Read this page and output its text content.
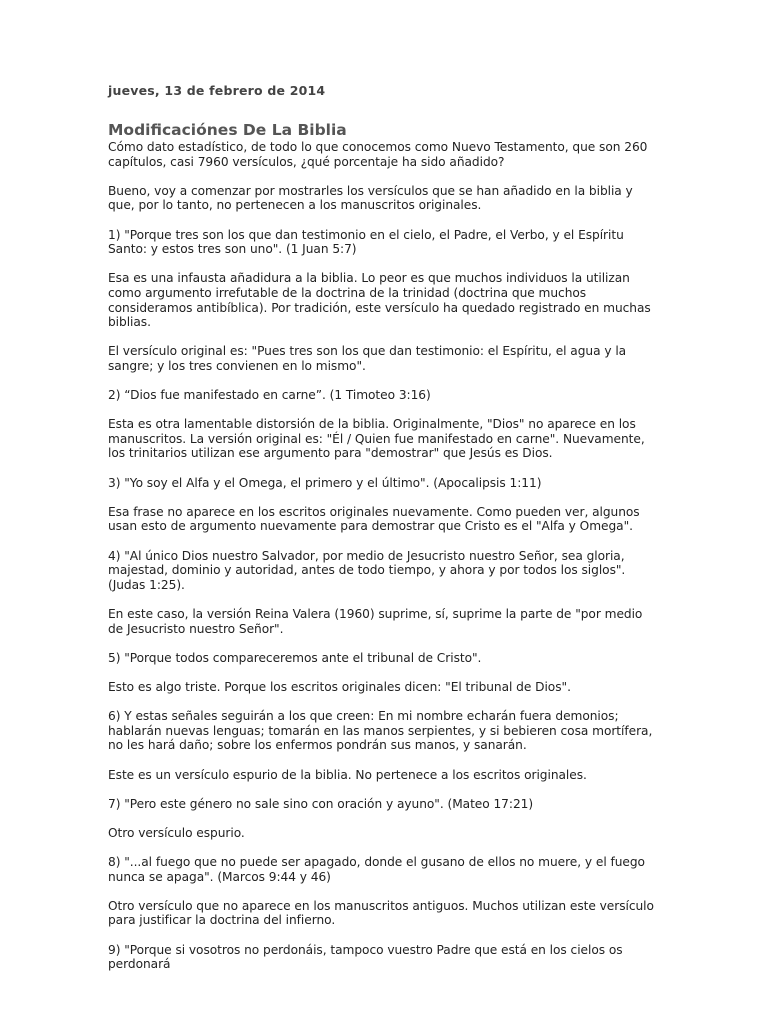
jueves, 13 de febrero de 2014
Modificaciónes De La Biblia

Cómo dato estadístico, de todo lo que conocemos como Nuevo Testamento, que son 260 capítulos, casi 7960 versículos, ¿qué porcentaje ha sido añadido?

Bueno, voy a comenzar por mostrarles los versículos que se han añadido en la biblia y que, por lo tanto, no pertenecen a los manuscritos originales.

1) "Porque tres son los que dan testimonio en el cielo, el Padre, el Verbo, y el Espíritu Santo: y estos tres son uno". (1 Juan 5:7)

Esa es una infausta añadidura a la biblia. Lo peor es que muchos individuos la utilizan como argumento irrefutable de la doctrina de la trinidad (doctrina que muchos consideramos antibíblica). Por tradición, este versículo ha quedado registrado en muchas biblias.

El versículo original es: "Pues tres son los que dan testimonio: el Espíritu, el agua y la sangre; y los tres convienen en lo mismo".

2) “Dios fue manifestado en carne”. (1 Timoteo 3:16)

Esta es otra lamentable distorsión de la biblia. Originalmente, "Dios" no aparece en los manuscritos. La versión original es: "Él / Quien fue manifestado en carne". Nuevamente, los trinitarios utilizan ese argumento para "demostrar" que Jesús es Dios.

3) "Yo soy el Alfa y el Omega, el primero y el último". (Apocalipsis 1:11)

Esa frase no aparece en los escritos originales nuevamente. Como pueden ver, algunos usan esto de argumento nuevamente para demostrar que Cristo es el "Alfa y Omega".

4) "Al único Dios nuestro Salvador, por medio de Jesucristo nuestro Señor, sea gloria, majestad, dominio y autoridad, antes de todo tiempo, y ahora y por todos los siglos". (Judas 1:25).

En este caso, la versión Reina Valera (1960) suprime, sí, suprime la parte de "por medio de Jesucristo nuestro Señor".

5) "Porque todos compareceremos ante el tribunal de Cristo".

Esto es algo triste. Porque los escritos originales dicen: "El tribunal de Dios".

6) Y estas señales seguirán a los que creen: En mi nombre echarán fuera demonios; hablarán nuevas lenguas; tomarán en las manos serpientes, y si bebieren cosa mortífera, no les hará daño; sobre los enfermos pondrán sus manos, y sanarán.

Este es un versículo espurio de la biblia. No pertenece a los escritos originales.

7) "Pero este género no sale sino con oración y ayuno". (Mateo 17:21)

Otro versículo espurio.

8) "...al fuego que no puede ser apagado, donde el gusano de ellos no muere, y el fuego nunca se apaga". (Marcos 9:44 y 46)

Otro versículo que no aparece en los manuscritos antiguos. Muchos utilizan este versículo para justificar la doctrina del infierno.

9) "Porque si vosotros no perdonáis, tampoco vuestro Padre que está en los cielos os perdonará
